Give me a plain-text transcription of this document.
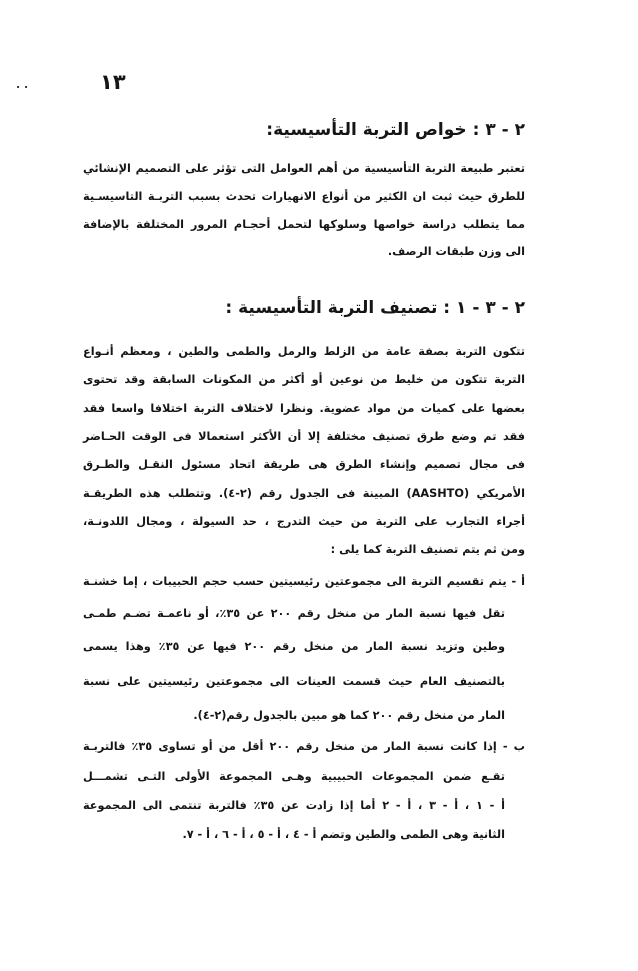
. .	١٣
٢ - ٣ : خواص التربة التأسيسية:
تعتبر طبيعة التربة التأسيسية من أهم العوامل التى تؤثر على التصميم الإنشائي
للطرق حيث ثبت ان الكثير من أنواع الانهيارات تحدث بسبب التربـة التاسيسـية
مما يتطلب دراسة خواصها وسلوكها لتحمل أحجـام المرور المختلفة بالإضافة
الى وزن طبقات الرصف.
٢ - ٣ - ١ : تصنيف التربة التأسيسية :
تتكون التربة بصفة عامة من الزلط والرمل والطمى والطين ، ومعظم أنـواع
التربة تتكون من خليط من نوعين أو أكثر من المكونات السابقة وقد تحتوى
بعضها على كميات من مواد عضوية. ونظرا لاختلاف التربة اختلافا واسعا فقد
فقد تم وضع طرق تصنيف مختلفة إلا أن الأكثر استعمالا فى الوقت الحـاضر
فى مجال تصميم وإنشاء الطرق هى طريقة اتحاد مسئول النقـل والطـرق
الأمريكي (AASHTO) المبينة فى الجدول رقم (٢-٤). وتتطلب هذه الطريقـة
أجراء التجارب على التربة من حيث التدرج ، حد السيولة ، ومجال اللدونـة،
ومن ثم يتم تصنيف التربة كما يلى :
أ - يتم تقسيم التربة الى مجموعتين رئيسيتين حسب حجم الحبيبات ، إما خشنـة
تقل فيها نسبة المار من منخل رقم ٢٠٠ عن ٣٥٪، أو ناعمـة تضـم طمـى
وطين وتزيد نسبة المار من منخل رقم ٢٠٠ فيها عن ٣٥٪ وهذا يسمى
بالتصنيف العام حيث قسمت العينات الى مجموعتين رئيسيتين على نسبة
المار من منخل رقم ٢٠٠ كما هو مبين بالجدول رقم(٢-٤).
ب - إذا كانت نسبة المار من منخل رقم ٢٠٠ أقل من أو تساوى ٣٥٪ فالتربـة
تقـع ضمن المجموعات الحبيبية وهـى المجموعة الأولى التـى تشمـــل
أ - ١ ، أ - ٣ ، أ - ٢ أما إذا زادت عن ٣٥٪ فالتربة تنتمى الى المجموعة
الثانية وهى الطمى والطين وتضم أ - ٤ ، أ - ٥ ، أ - ٦ ، أ - ٧.
